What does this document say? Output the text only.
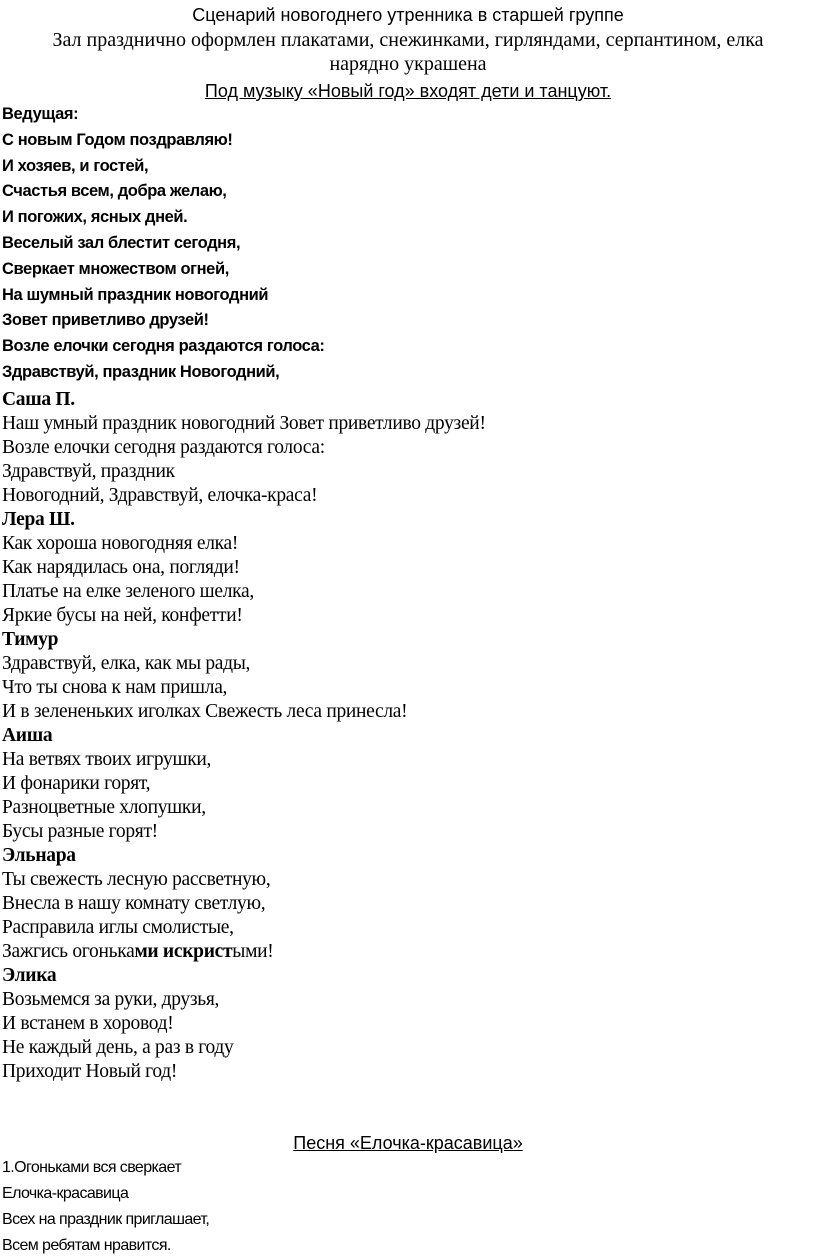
Сценарий новогоднего утренника в старшей группе
Зал празднично оформлен плакатами, снежинками, гирляндами, серпантином, елка
нарядно украшена
Под музыку «Новый год» входят дети и танцуют.
Ведущая:
С новым Годом поздравляю!
И хозяев, и гостей,
Счастья всем, добра желаю,
И погожих, ясных дней.
Веселый зал блестит сегодня,
Сверкает множеством огней,
На шумный праздник новогодний
Зовет приветливо друзей!
Возле елочки сегодня раздаются голоса:
Здравствуй, праздник Новогодний,
Саша П.
Наш умный праздник новогодний Зовет приветливо друзей!
Возле елочки сегодня раздаются голоса:
Здравствуй, праздник
Новогодний, Здравствуй, елочка-краса!
Лера Ш.
Как хороша новогодняя елка!
Как нарядилась она, погляди!
Платье на елке зеленого шелка,
Яркие бусы на ней, конфетти!
Тимур
Здравствуй, елка, как мы рады,
Что ты снова к нам пришла,
И в зелененьких иголках Свежесть леса принесла!
Аиша
На ветвях твоих игрушки,
И фонарики горят,
Разноцветные хлопушки,
Бусы разные горят!
Эльнара
Ты свежесть лесную рассветную,
Внесла в нашу комнату светлую,
Расправила иглы смолистые,
Зажгись огоньками искристыми!
Элика
Возьмемся за руки, друзья,
И встанем в хоровод!
Не каждый день, а раз в году
Приходит Новый год!
Песня «Елочка-красавица»
1.Огоньками вся сверкает
Елочка-красавица
Всех на праздник приглашает,
Всем ребятам нравится.
